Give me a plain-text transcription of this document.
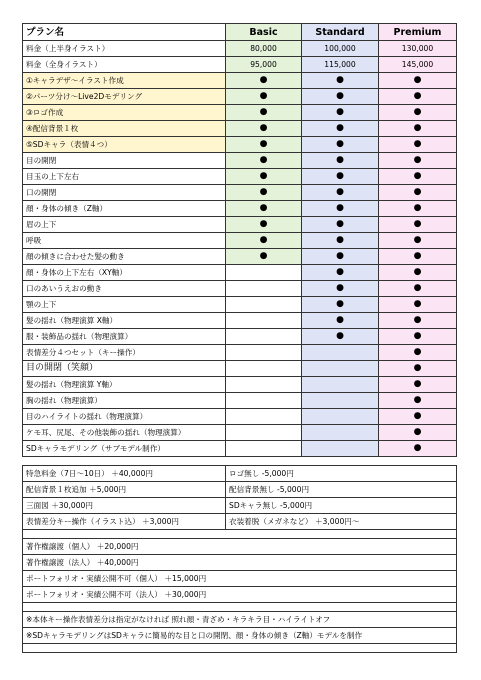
プラン名	Basic	Standard	Premium
料金（上半身イラスト）	80,000	100,000	130,000
料金（全身イラスト）	95,000	115,000	145,000
①キャラデザ～イラスト作成	●	●	●
②パーツ分け～Live2Dモデリング	●	●	●
③ロゴ作成	●	●	●
④配信背景１枚	●	●	●
⑤SDキャラ（表情４つ）	●	●	●
目の開閉	●	●	●
目玉の上下左右	●	●	●
口の開閉	●	●	●
顔・身体の傾き（Z軸）	●	●	●
眉の上下	●	●	●
呼吸	●	●	●
顔の傾きに合わせた髪の動き	●	●	●
顔・身体の上下左右（XY軸）		●	●
口のあいうえおの動き		●	●
顎の上下		●	●
髪の揺れ（物理演算 X軸）		●	●
服・装飾品の揺れ（物理演算）		●	●
表情差分４つセット（キー操作）			●
目の開閉（笑顔）			●
髪の揺れ（物理演算 Y軸）			●
胸の揺れ（物理演算）			●
目のハイライトの揺れ（物理演算）			●
ケモ耳、尻尾、その他装飾の揺れ（物理演算）			●
SDキャラモデリング（サブモデル制作）			●
特急料金（7日～10日） ＋40,000円	ロゴ無し -5,000円
配信背景１枚追加 ＋5,000円	配信背景無し -5,000円
三面図 ＋30,000円	SDキャラ無し -5,000円
表情差分キー操作（イラスト込） ＋3,000円	衣装着脱（メガネなど） ＋3,000円～

著作権譲渡（個人） ＋20,000円
著作権譲渡（法人） ＋40,000円
ポートフォリオ・実績公開不可（個人） ＋15,000円
ポートフォリオ・実績公開不可（法人） ＋30,000円

※本体キー操作表情差分は指定がなければ 照れ顔・青ざめ・キラキラ目・ハイライトオフ
※SDキャラモデリングはSDキャラに簡易的な目と口の開閉、顔・身体の傾き（Z軸）モデルを制作
